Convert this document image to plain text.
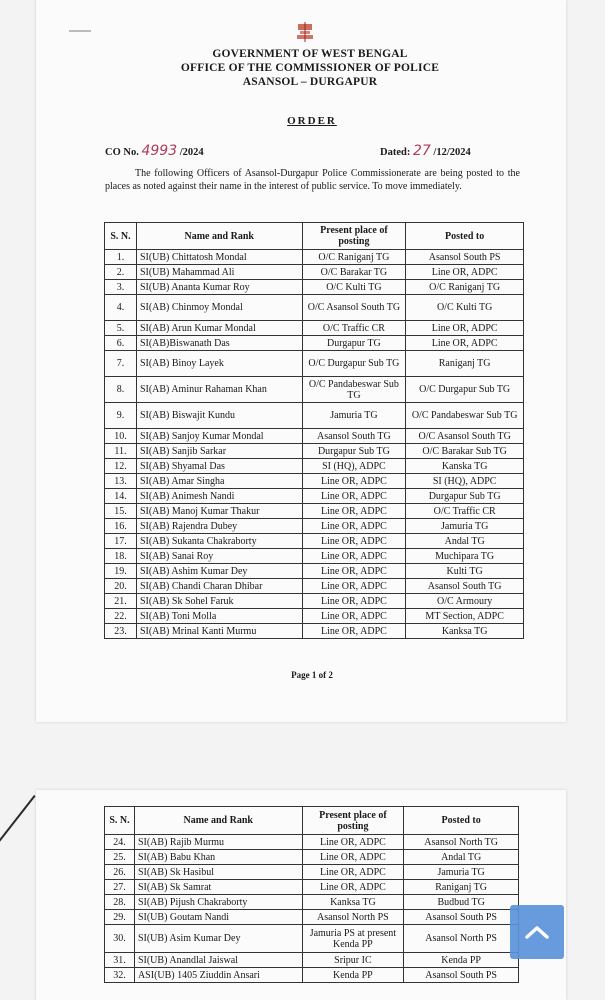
GOVERNMENT OF WEST BENGAL
OFFICE OF THE COMMISSIONER OF POLICE
ASANSOL – DURGAPUR
ORDER
CO No. 4993 /2024	Dated: 27 /12/2024
The following Officers of Asansol-Durgapur Police Commissionerate are being posted to the places as noted against their name in the interest of public service. To move immediately.
S. N.	Name and Rank	Present place of posting	Posted to
1.	SI(UB) Chittatosh Mondal	O/C Raniganj TG	Asansol South PS
2.	SI(UB) Mahammad Ali	O/C Barakar TG	Line OR, ADPC
3.	SI(UB) Ananta Kumar Roy	O/C Kulti TG	O/C Raniganj TG
4.	SI(AB) Chinmoy Mondal	O/C Asansol South TG	O/C Kulti TG
5.	SI(AB) Arun Kumar Mondal	O/C Traffic CR	Line OR, ADPC
6.	SI(AB)Biswanath Das	Durgapur TG	Line OR, ADPC
7.	SI(AB) Binoy Layek	O/C Durgapur Sub TG	Raniganj TG
8.	SI(AB) Aminur Rahaman Khan	O/C Pandabeswar Sub TG	O/C Durgapur Sub TG
9.	SI(AB) Biswajit Kundu	Jamuria TG	O/C Pandabeswar Sub TG
10.	SI(AB) Sanjoy Kumar Mondal	Asansol South TG	O/C Asansol South TG
11.	SI(AB) Sanjib Sarkar	Durgapur Sub TG	O/C Barakar Sub TG
12.	SI(AB) Shyamal Das	SI (HQ), ADPC	Kanska TG
13.	SI(AB) Amar Singha	Line OR, ADPC	SI (HQ), ADPC
14.	SI(AB) Animesh Nandi	Line OR, ADPC	Durgapur Sub TG
15.	SI(AB) Manoj Kumar Thakur	Line OR, ADPC	O/C Traffic CR
16.	SI(AB) Rajendra Dubey	Line OR, ADPC	Jamuria TG
17.	SI(AB) Sukanta Chakraborty	Line OR, ADPC	Andal TG
18.	SI(AB) Sanai Roy	Line OR, ADPC	Muchipara TG
19.	SI(AB) Ashim Kumar Dey	Line OR, ADPC	Kulti TG
20.	SI(AB) Chandi Charan Dhibar	Line OR, ADPC	Asansol South TG
21.	SI(AB) Sk Sohel Faruk	Line OR, ADPC	O/C Armoury
22.	SI(AB) Toni Molla	Line OR, ADPC	MT Section, ADPC
23.	SI(AB) Mrinal Kanti Murmu	Line OR, ADPC	Kanksa TG
Page 1 of 2
S. N.	Name and Rank	Present place of posting	Posted to
24.	SI(AB) Rajib Murmu	Line OR, ADPC	Asansol North TG
25.	SI(AB) Babu Khan	Line OR, ADPC	Andal TG
26.	SI(AB) Sk Hasibul	Line OR, ADPC	Jamuria TG
27.	SI(AB) Sk Samrat	Line OR, ADPC	Raniganj TG
28.	SI(AB) Pijush Chakraborty	Kanksa TG	Budbud TG
29.	SI(UB) Goutam Nandi	Asansol North PS	Asansol South PS
30.	SI(UB) Asim Kumar Dey	Jamuria PS at present Kenda PP	Asansol North PS
31.	SI(UB) Anandlal Jaiswal	Sripur IC	Kenda PP
32.	ASI(UB) 1405 Ziuddin Ansari	Kenda PP	Asansol South PS
